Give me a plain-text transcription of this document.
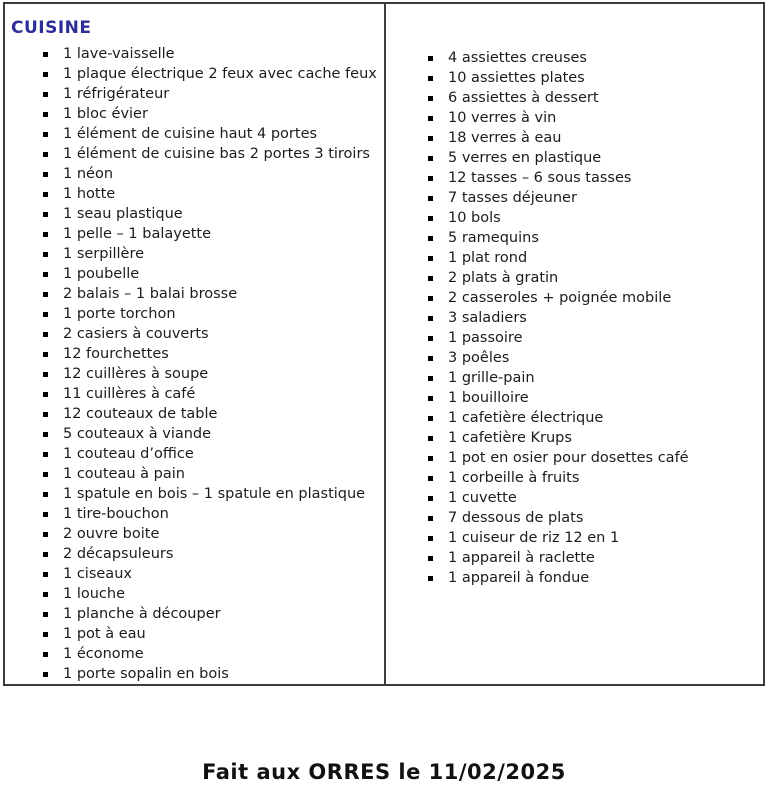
CUISINE
1 lave-vaisselle
1 plaque électrique 2 feux avec cache feux
1 réfrigérateur
1 bloc évier
1 élément de cuisine haut 4 portes
1 élément de cuisine bas 2 portes 3 tiroirs
1 néon
1 hotte
1 seau plastique
1 pelle – 1 balayette
1 serpillère
1 poubelle
2 balais – 1 balai brosse
1 porte torchon
2 casiers à couverts
12 fourchettes
12 cuillères à soupe
11 cuillères à café
12 couteaux de table
5 couteaux à viande
1 couteau d’office
1 couteau à pain
1 spatule en bois – 1 spatule en plastique
1 tire-bouchon
2 ouvre boite
2 décapsuleurs
1 ciseaux
1 louche
1 planche à découper
1 pot à eau
1 économe
1 porte sopalin en bois
4 assiettes creuses
10 assiettes plates
6 assiettes à dessert
10 verres à vin
18 verres à eau
5 verres en plastique
12 tasses – 6 sous tasses
7 tasses déjeuner
10 bols
5 ramequins
1 plat rond
2 plats à gratin
2 casseroles + poignée mobile
3 saladiers
1 passoire
3 poêles
1 grille-pain
1 bouilloire
1 cafetière électrique
1 cafetière Krups
1 pot en osier pour dosettes café
1 corbeille à fruits
1 cuvette
7 dessous de plats
1 cuiseur de riz 12 en 1
1 appareil à raclette
1 appareil à fondue
Fait aux ORRES le 11/02/2025
